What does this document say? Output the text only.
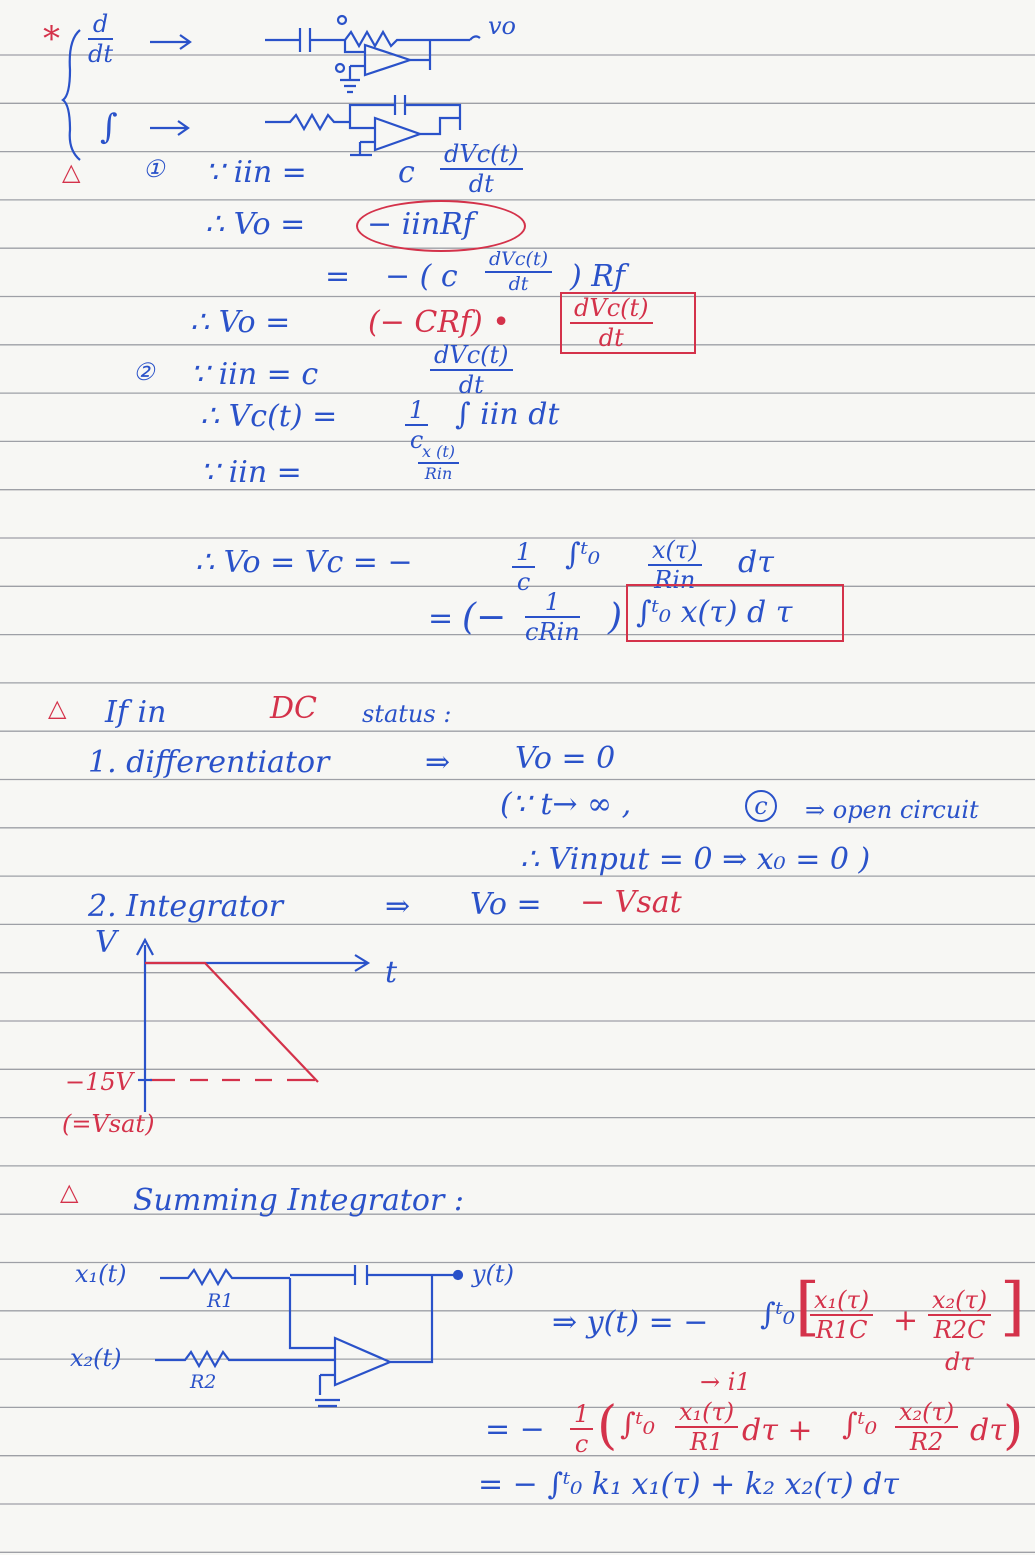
* $\frac{d}{dt}$
∫
vo
△	① ∵ iin =	c
dVc(t)
dt
∴ Vo = − iinRf
= − ( c dVc(t)
dt	) Rf
∴ Vo =	(− CRf) •	dVc(t)
dt
② ∵ iin = c
dVc(t)
dt
∴ Vc(t) =	$\frac{1}{c}$ ∫ iin dt
∵ iin =
x (t)
Rin
∴ Vo = Vc = −	$\frac{1}{c}$ ∫ᵗ₀ x(τ)
Rin dτ
= (−	1
cRin ) ∫ᵗ₀ x(τ) d τ
△ If in	DC status :
1. differentiator	⇒ Vo = 0
(∵ t→ ∞ ,	c	⇒ open circuit
∴ Vinput = 0 ⇒ x₀ = 0 )
2. Integrator	⇒ Vo = − Vsat
V
t
−15V
(=Vsat)
△ Summing Integrator :
x₁(t)
R1
x₂(t)
R2
y(t)
⇒ y(t) = − ∫ᵗ₀ [
$\frac{\text{x₁(τ)}}{R1C} + \frac{\text{x₂(τ)}}{R2C}$ ]
dτ
→ i1
= − $\frac{1}{c}$ ( ∫ᵗ₀ $\frac{\text{x₁(τ)}}{R1}$ dτ + ∫ᵗ₀ $\frac{\text{x₂(τ)}}{R2}$ dτ
)
= − ∫ᵗ₀ k₁ x₁(τ) + k₂ x₂(τ) dτ
